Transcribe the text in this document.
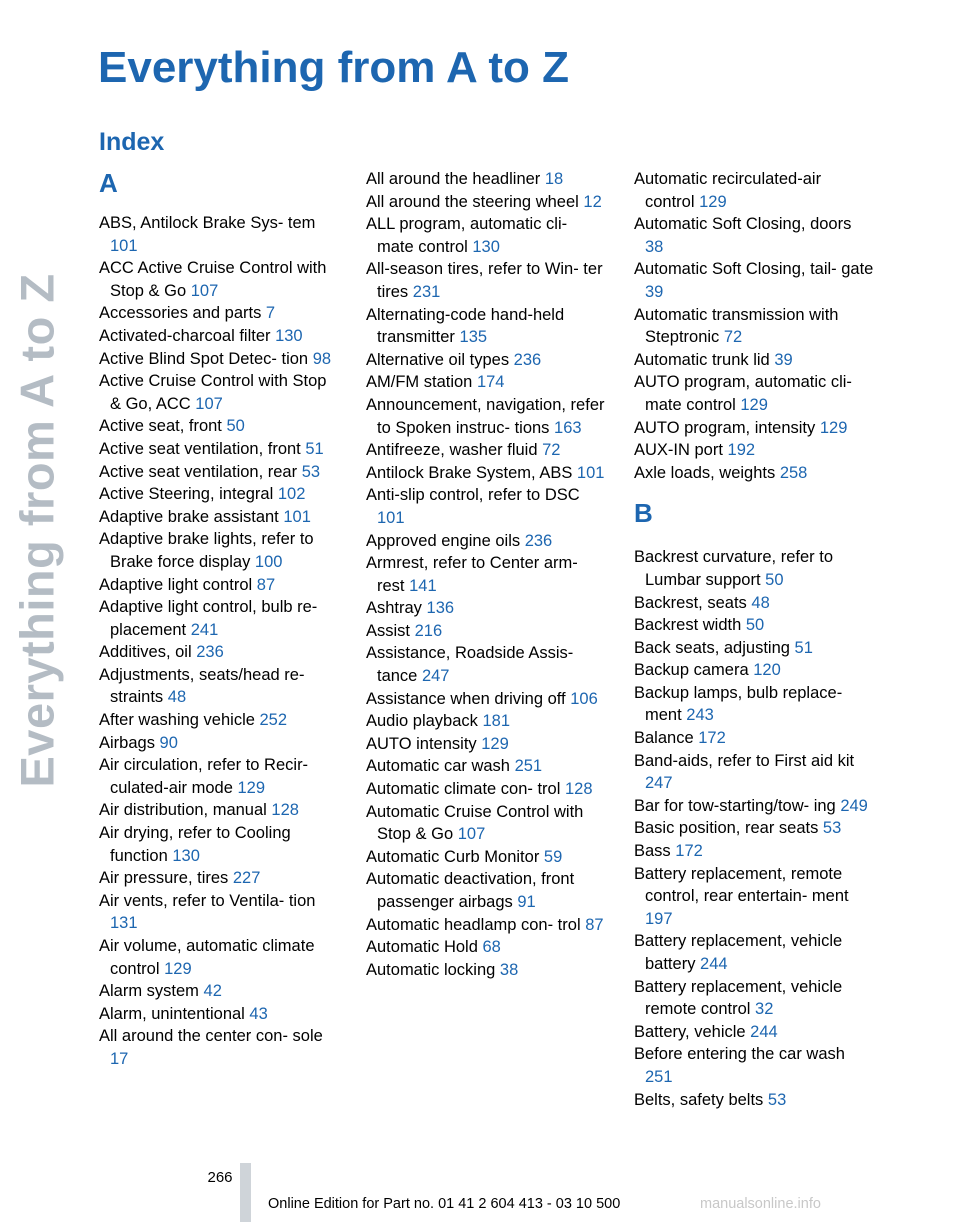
Everything from A to Z
Everything from A to Z
Index
A
ABS, Antilock Brake Sys‐ tem 101
ACC Active Cruise Control with Stop & Go 107
Accessories and parts 7
Activated-charcoal filter 130
Active Blind Spot Detec‐ tion 98
Active Cruise Control with Stop & Go, ACC 107
Active seat, front 50
Active seat ventilation, front 51
Active seat ventilation, rear 53
Active Steering, integral 102
Adaptive brake assistant 101
Adaptive brake lights, refer to Brake force display 100
Adaptive light control 87
Adaptive light control, bulb re‐ placement 241
Additives, oil 236
Adjustments, seats/head re‐ straints 48
After washing vehicle 252
Airbags 90
Air circulation, refer to Recir‐ culated-air mode 129
Air distribution, manual 128
Air drying, refer to Cooling function 130
Air pressure, tires 227
Air vents, refer to Ventila‐ tion 131
Air volume, automatic climate control 129
Alarm system 42
Alarm, unintentional 43
All around the center con‐ sole 17
All around the headliner 18
All around the steering wheel 12
ALL program, automatic cli‐ mate control 130
All-season tires, refer to Win‐ ter tires 231
Alternating-code hand-held transmitter 135
Alternative oil types 236
AM/FM station 174
Announcement, navigation, refer to Spoken instruc‐ tions 163
Antifreeze, washer fluid 72
Antilock Brake System, ABS 101
Anti-slip control, refer to DSC 101
Approved engine oils 236
Armrest, refer to Center arm‐ rest 141
Ashtray 136
Assist 216
Assistance, Roadside Assis‐ tance 247
Assistance when driving off 106
Audio playback 181
AUTO intensity 129
Automatic car wash 251
Automatic climate con‐ trol 128
Automatic Cruise Control with Stop & Go 107
Automatic Curb Monitor 59
Automatic deactivation, front passenger airbags 91
Automatic headlamp con‐ trol 87
Automatic Hold 68
Automatic locking 38
Automatic recirculated-air control 129
Automatic Soft Closing, doors 38
Automatic Soft Closing, tail‐ gate 39
Automatic transmission with Steptronic 72
Automatic trunk lid 39
AUTO program, automatic cli‐ mate control 129
AUTO program, intensity 129
AUX-IN port 192
Axle loads, weights 258
B
Backrest curvature, refer to Lumbar support 50
Backrest, seats 48
Backrest width 50
Back seats, adjusting 51
Backup camera 120
Backup lamps, bulb replace‐ ment 243
Balance 172
Band-aids, refer to First aid kit 247
Bar for tow-starting/tow‐ ing 249
Basic position, rear seats 53
Bass 172
Battery replacement, remote control, rear entertain‐ ment 197
Battery replacement, vehicle battery 244
Battery replacement, vehicle remote control 32
Battery, vehicle 244
Before entering the car wash 251
Belts, safety belts 53
266
Online Edition for Part no. 01 41 2 604 413 - 03 10 500	manualsonline.info
